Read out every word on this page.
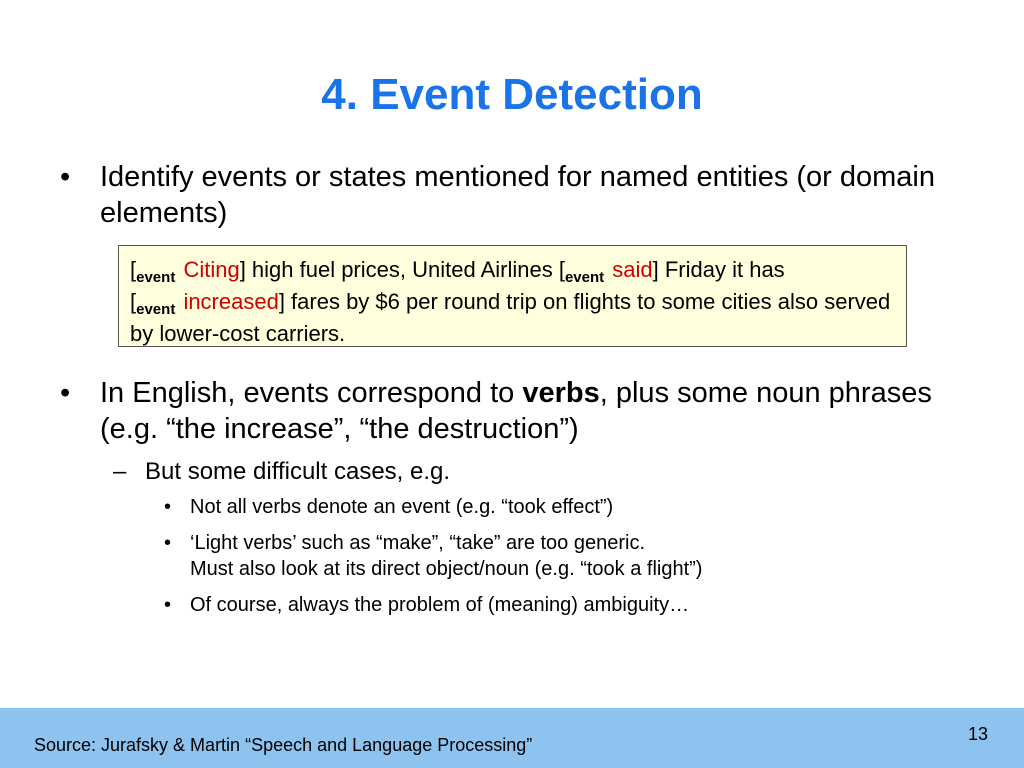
4. Event Detection
• Identify events or states mentioned for named entities (or domain elements)
[$_{event}$ Citing] high fuel prices, United Airlines [$_{event}$ said] Friday it has
[$_{event}$ increased] fares by $6 per round trip on flights to some cities also served by lower-cost carriers.
• In English, events correspond to verbs, plus some noun phrases (e.g. “the increase”, “the destruction”)
– But some difficult cases, e.g.
• Not all verbs denote an event (e.g. “took effect”)
• ‘Light verbs’ such as “make”, “take” are too generic.
Must also look at its direct object/noun (e.g. “took a flight”)
• Of course, always the problem of (meaning) ambiguity…
13
Source: Jurafsky & Martin “Speech and Language Processing”
